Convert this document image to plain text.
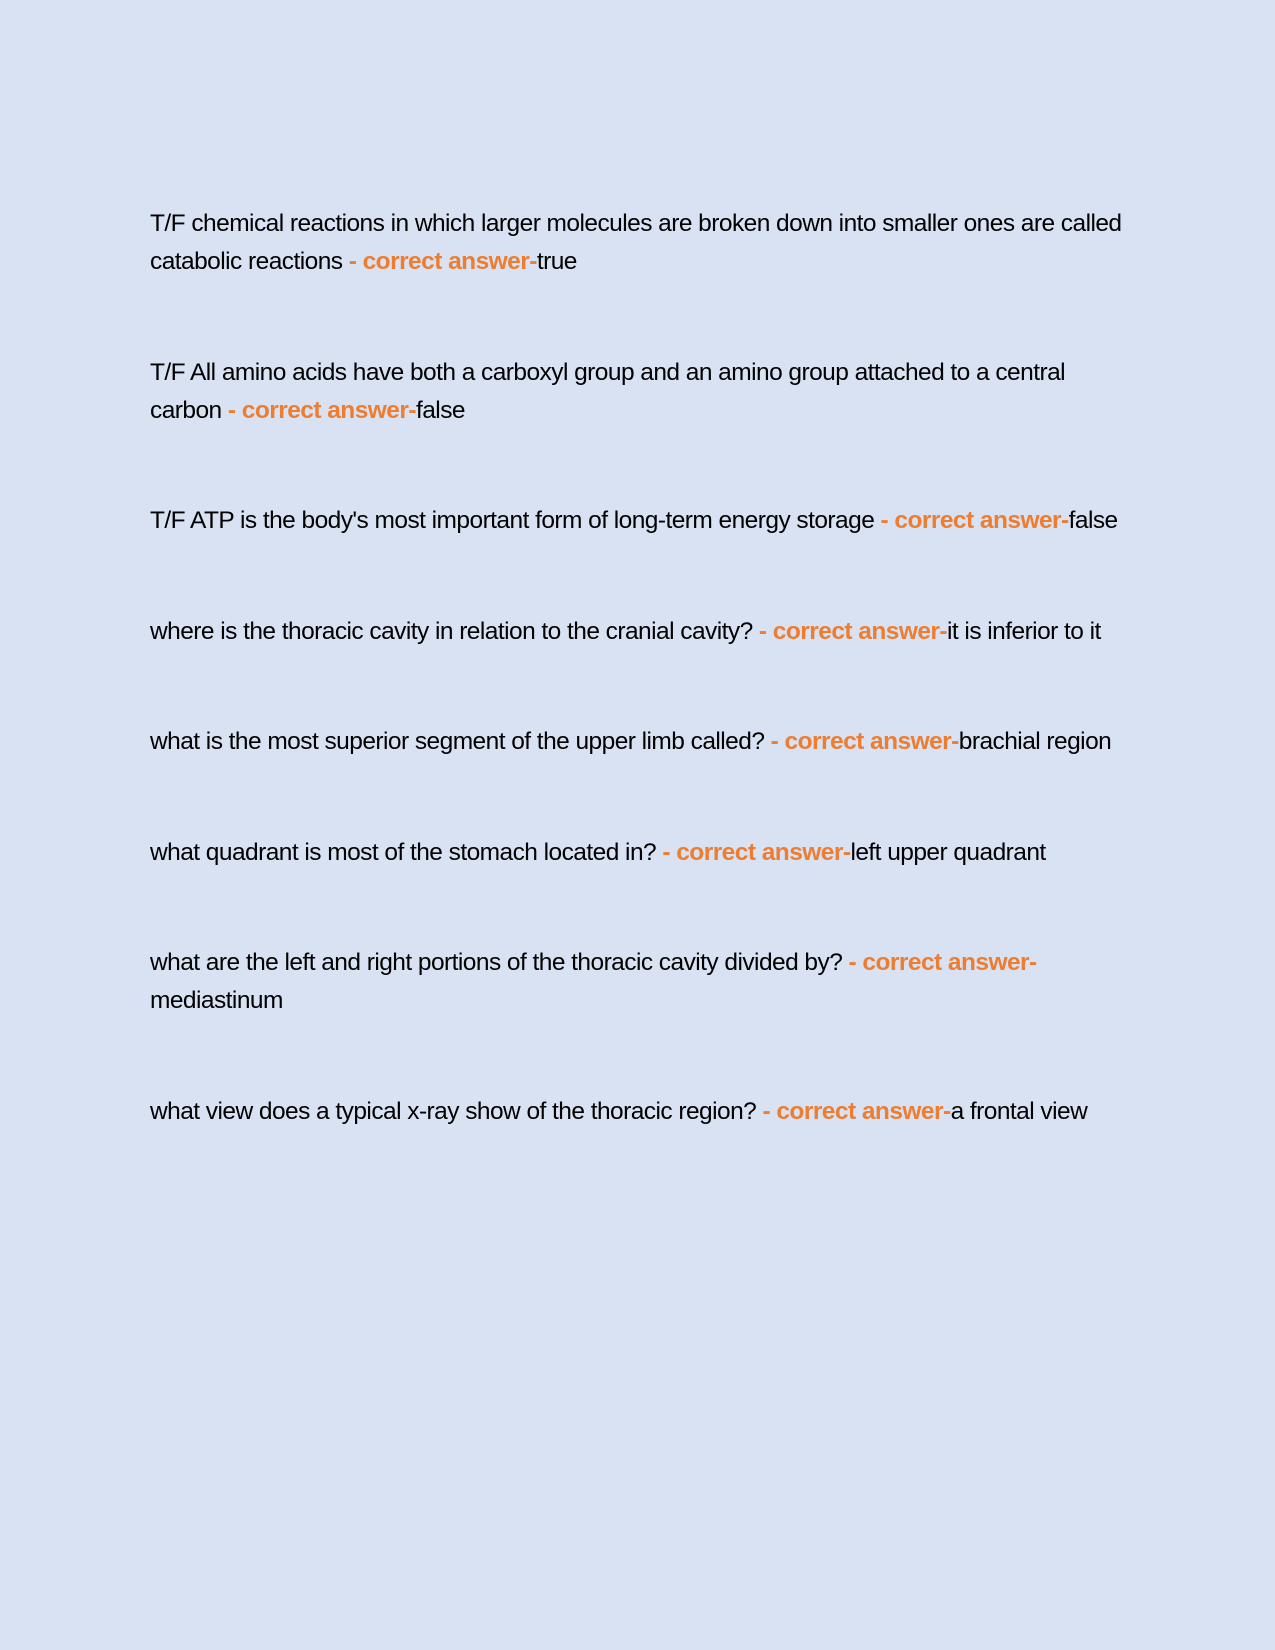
T/F chemical reactions in which larger molecules are broken down into smaller ones are called catabolic reactions - correct answer-true

T/F All amino acids have both a carboxyl group and an amino group attached to a central carbon - correct answer-false

T/F ATP is the body's most important form of long-term energy storage - correct answer-false

where is the thoracic cavity in relation to the cranial cavity? - correct answer-it is inferior to it

what is the most superior segment of the upper limb called? - correct answer-brachial region

what quadrant is most of the stomach located in? - correct answer-left upper quadrant

what are the left and right portions of the thoracic cavity divided by? - correct answer-mediastinum

what view does a typical x-ray show of the thoracic region? - correct answer-a frontal view
